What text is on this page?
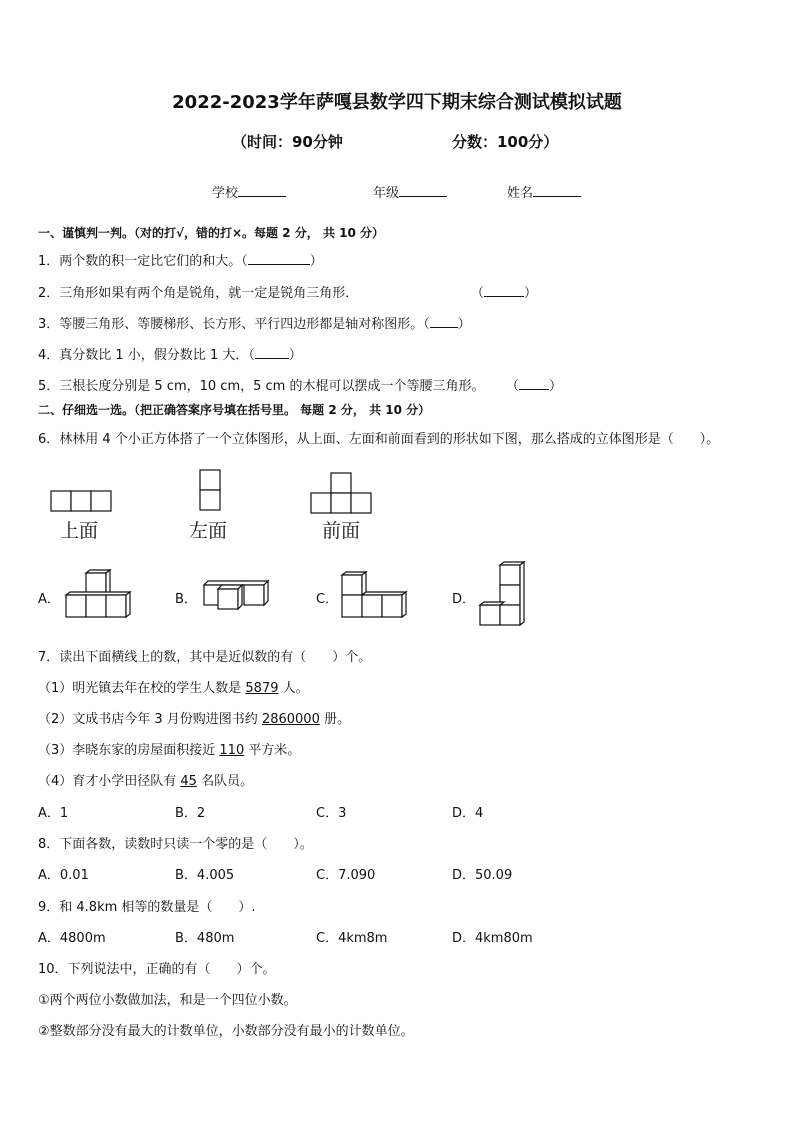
2022-2023学年萨嘎县数学四下期末综合测试模拟试题
（时间：90分钟	分数：100分）
学校	年级	姓名
一、谨慎判一判。（对的打√，错的打×。每题 2 分， 共 10 分）
1．两个数的积一定比它们的和大。（	）
2．三角形如果有两个角是锐角，就一定是锐角三角形．	（	）
3．等腰三角形、等腰梯形、长方形、平行四边形都是轴对称图形。（ ）
4．真分数比 1 小，假分数比 1 大．（	）
5．三根长度分别是 5 cm，10 cm，5 cm 的木棍可以摆成一个等腰三角形。 （ ）
二、仔细选一选。（把正确答案序号填在括号里。 每题 2 分， 共 10 分）
6．林林用 4 个小正方体搭了一个立体图形，从上面、左面和前面看到的形状如下图，那么搭成的立体图形是（　　）。
上面	左面	前面
A．	B．	C．	D．
7．读出下面横线上的数，其中是近似数的有（　　）个。
（1）明光镇去年在校的学生人数是 5879 人。
（2）文成书店今年 3 月份购进图书约 2860000 册。
（3）李晓东家的房屋面积接近 110 平方米。
（4）育才小学田径队有 45 名队员。
A．1	B．2	C．3	D．4
8．下面各数，读数时只读一个零的是（　　）。
A．0.01	B．4.005	C．7.090	D．50.09
9．和 4.8km 相等的数量是（　　）.
A．4800m	B．480m	C．4km8m	D．4km80m
10．下列说法中，正确的有（　　）个。
①两个两位小数做加法，和是一个四位小数。
②整数部分没有最大的计数单位，小数部分没有最小的计数单位。
